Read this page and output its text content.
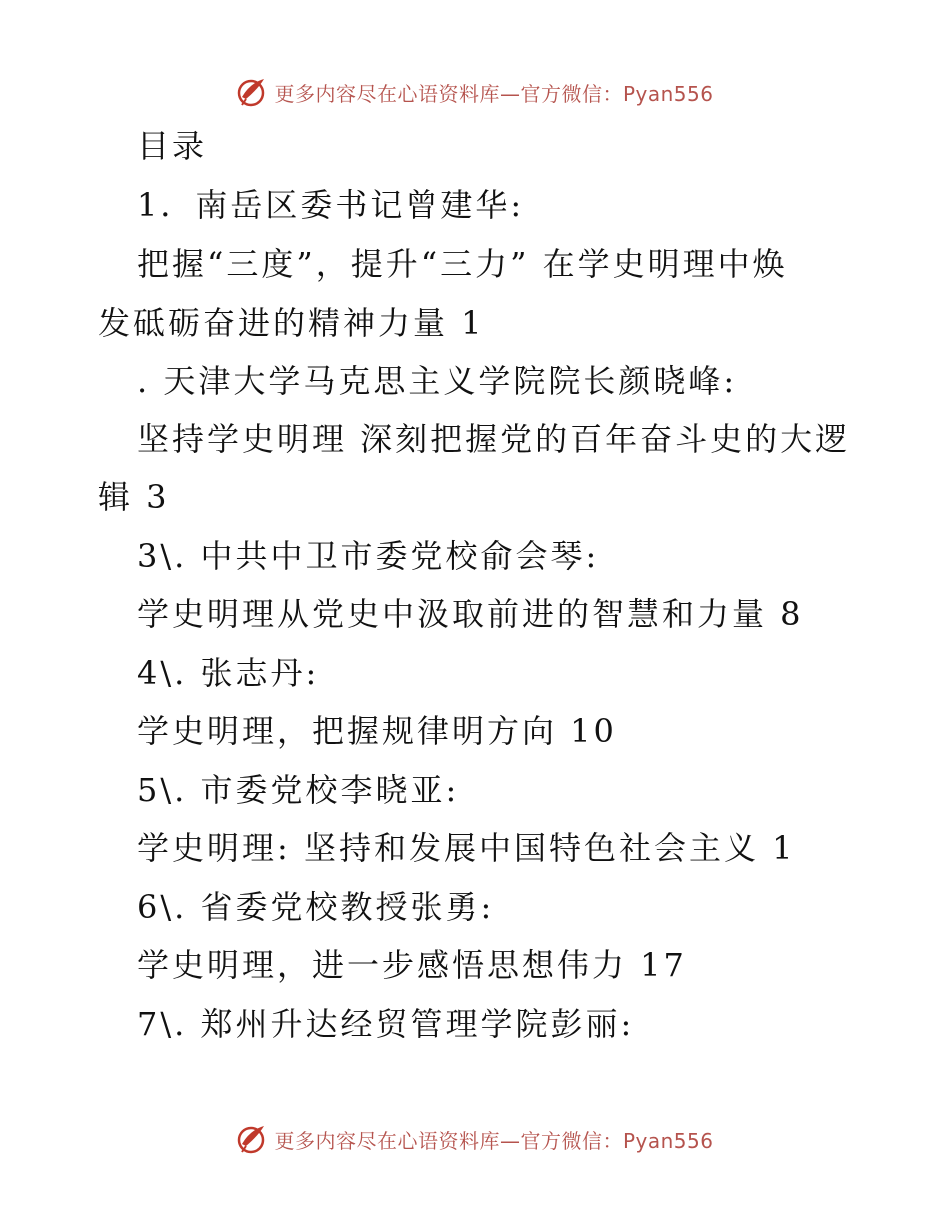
更多内容尽在心语资料库—官方微信：Pyan556
目录
1．南岳区委书记曾建华:
把握“三度”，提升“三力” 在学史明理中焕
发砥砺奋进的精神力量 1
. 天津大学马克思主义学院院长颜晓峰:
坚持学史明理 深刻把握党的百年奋斗史的大逻
辑 3
3\. 中共中卫市委党校俞会琴:
学史明理从党史中汲取前进的智慧和力量 8
4\. 张志丹:
学史明理，把握规律明方向 10
5\. 市委党校李晓亚:
学史明理: 坚持和发展中国特色社会主义 1
6\. 省委党校教授张勇:
学史明理，进一步感悟思想伟力 17
7\. 郑州升达经贸管理学院彭丽:
更多内容尽在心语资料库—官方微信：Pyan556
